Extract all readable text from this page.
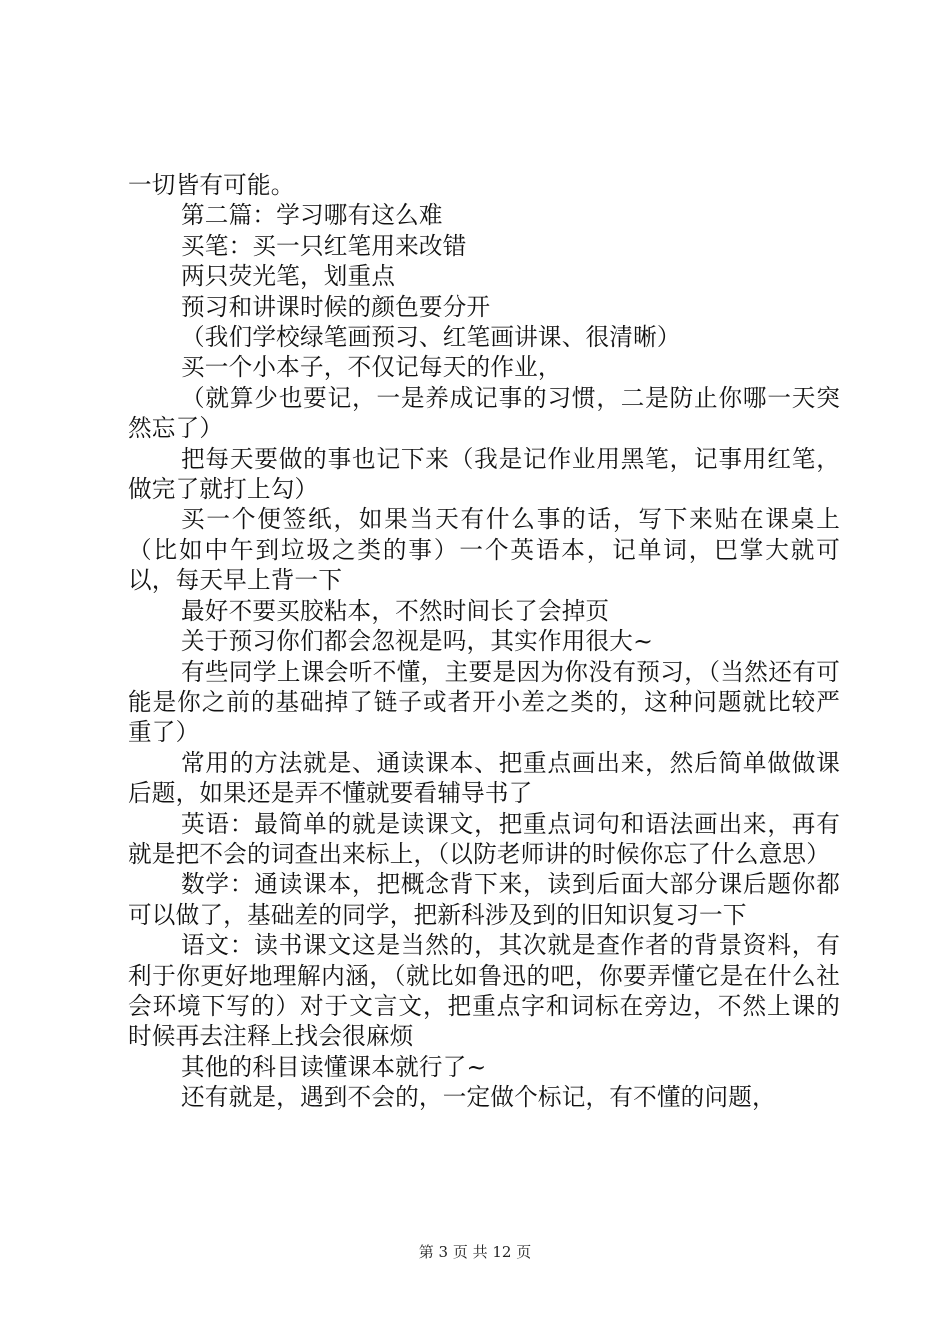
一切皆有可能。

第二篇：学习哪有这么难

买笔：买一只红笔用来改错

两只荧光笔，划重点

预习和讲课时候的颜色要分开

（我们学校绿笔画预习、红笔画讲课、很清晰）

买一个小本子，不仅记每天的作业，

（就算少也要记，一是养成记事的习惯，二是防止你哪一天突然忘了）

把每天要做的事也记下来（我是记作业用黑笔，记事用红笔，做完了就打上勾）

买一个便签纸，如果当天有什么事的话，写下来贴在课桌上（比如中午到垃圾之类的事）一个英语本，记单词，巴掌大就可以，每天早上背一下

最好不要买胶粘本，不然时间长了会掉页

关于预习你们都会忽视是吗，其实作用很大~

有些同学上课会听不懂，主要是因为你没有预习，（当然还有可能是你之前的基础掉了链子或者开小差之类的，这种问题就比较严重了）

常用的方法就是、通读课本、把重点画出来，然后简单做做课后题，如果还是弄不懂就要看辅导书了

英语：最简单的就是读课文，把重点词句和语法画出来，再有就是把不会的词查出来标上，（以防老师讲的时候你忘了什么意思）

数学：通读课本，把概念背下来，读到后面大部分课后题你都可以做了，基础差的同学，把新科涉及到的旧知识复习一下

语文：读书课文这是当然的，其次就是查作者的背景资料，有利于你更好地理解内涵，（就比如鲁迅的吧，你要弄懂它是在什么社会环境下写的）对于文言文，把重点字和词标在旁边，不然上课的时候再去注释上找会很麻烦

其他的科目读懂课本就行了~

还有就是，遇到不会的，一定做个标记，有不懂的问题，

第 3 页 共 12 页
